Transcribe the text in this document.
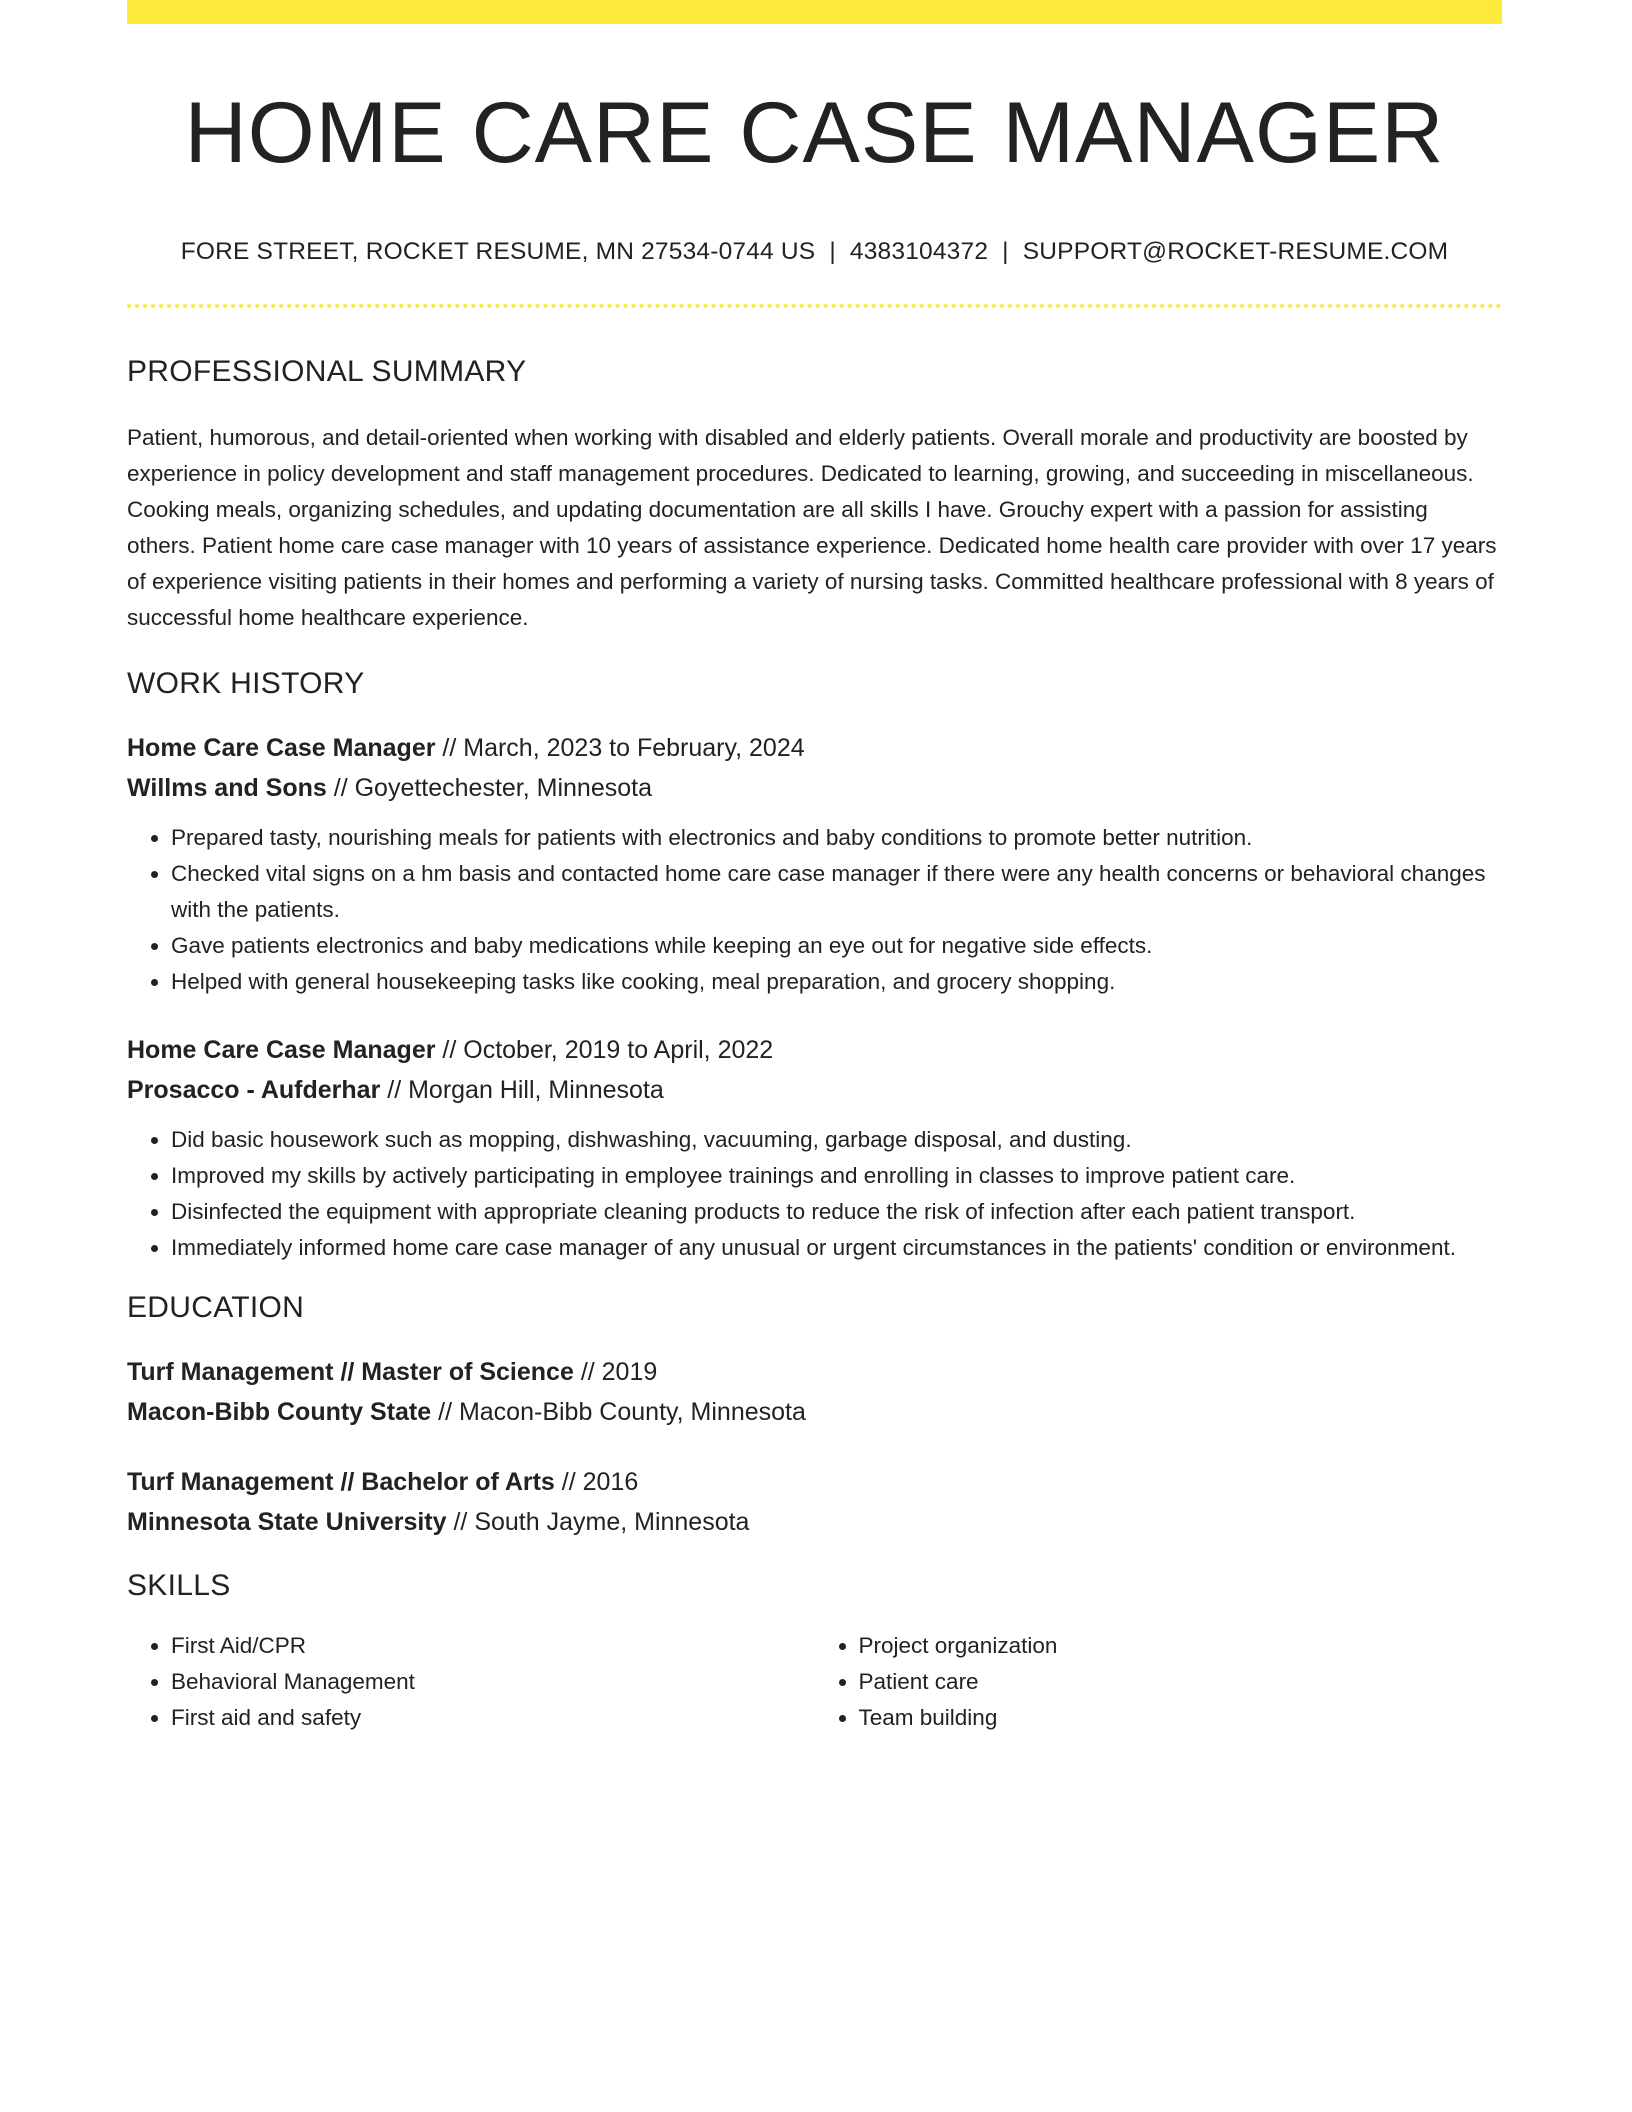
HOME CARE CASE MANAGER
FORE STREET, ROCKET RESUME, MN 27534-0744 US | 4383104372 | SUPPORT@ROCKET-RESUME.COM
PROFESSIONAL SUMMARY

Patient, humorous, and detail-oriented when working with disabled and elderly patients. Overall morale and productivity are boosted by experience in policy development and staff management procedures. Dedicated to learning, growing, and succeeding in miscellaneous. Cooking meals, organizing schedules, and updating documentation are all skills I have. Grouchy expert with a passion for assisting others. Patient home care case manager with 10 years of assistance experience. Dedicated home health care provider with over 17 years of experience visiting patients in their homes and performing a variety of nursing tasks. Committed healthcare professional with 8 years of successful home healthcare experience.

WORK HISTORY
Home Care Case Manager // March, 2023 to February, 2024
Willms and Sons // Goyettechester, Minnesota
• Prepared tasty, nourishing meals for patients with electronics and baby conditions to promote better nutrition.
• Checked vital signs on a hm basis and contacted home care case manager if there were any health concerns or behavioral changes with the patients.
• Gave patients electronics and baby medications while keeping an eye out for negative side effects.
• Helped with general housekeeping tasks like cooking, meal preparation, and grocery shopping.
Home Care Case Manager // October, 2019 to April, 2022
Prosacco - Aufderhar // Morgan Hill, Minnesota
• Did basic housework such as mopping, dishwashing, vacuuming, garbage disposal, and dusting.
• Improved my skills by actively participating in employee trainings and enrolling in classes to improve patient care.
• Disinfected the equipment with appropriate cleaning products to reduce the risk of infection after each patient transport.
• Immediately informed home care case manager of any unusual or urgent circumstances in the patients' condition or environment.
EDUCATION
Turf Management // Master of Science // 2019
Macon-Bibb County State // Macon-Bibb County, Minnesota
Turf Management // Bachelor of Arts // 2016
Minnesota State University // South Jayme, Minnesota
SKILLS
• First Aid/CPR
• Behavioral Management
• First aid and safety
• Project organization
• Patient care
• Team building
